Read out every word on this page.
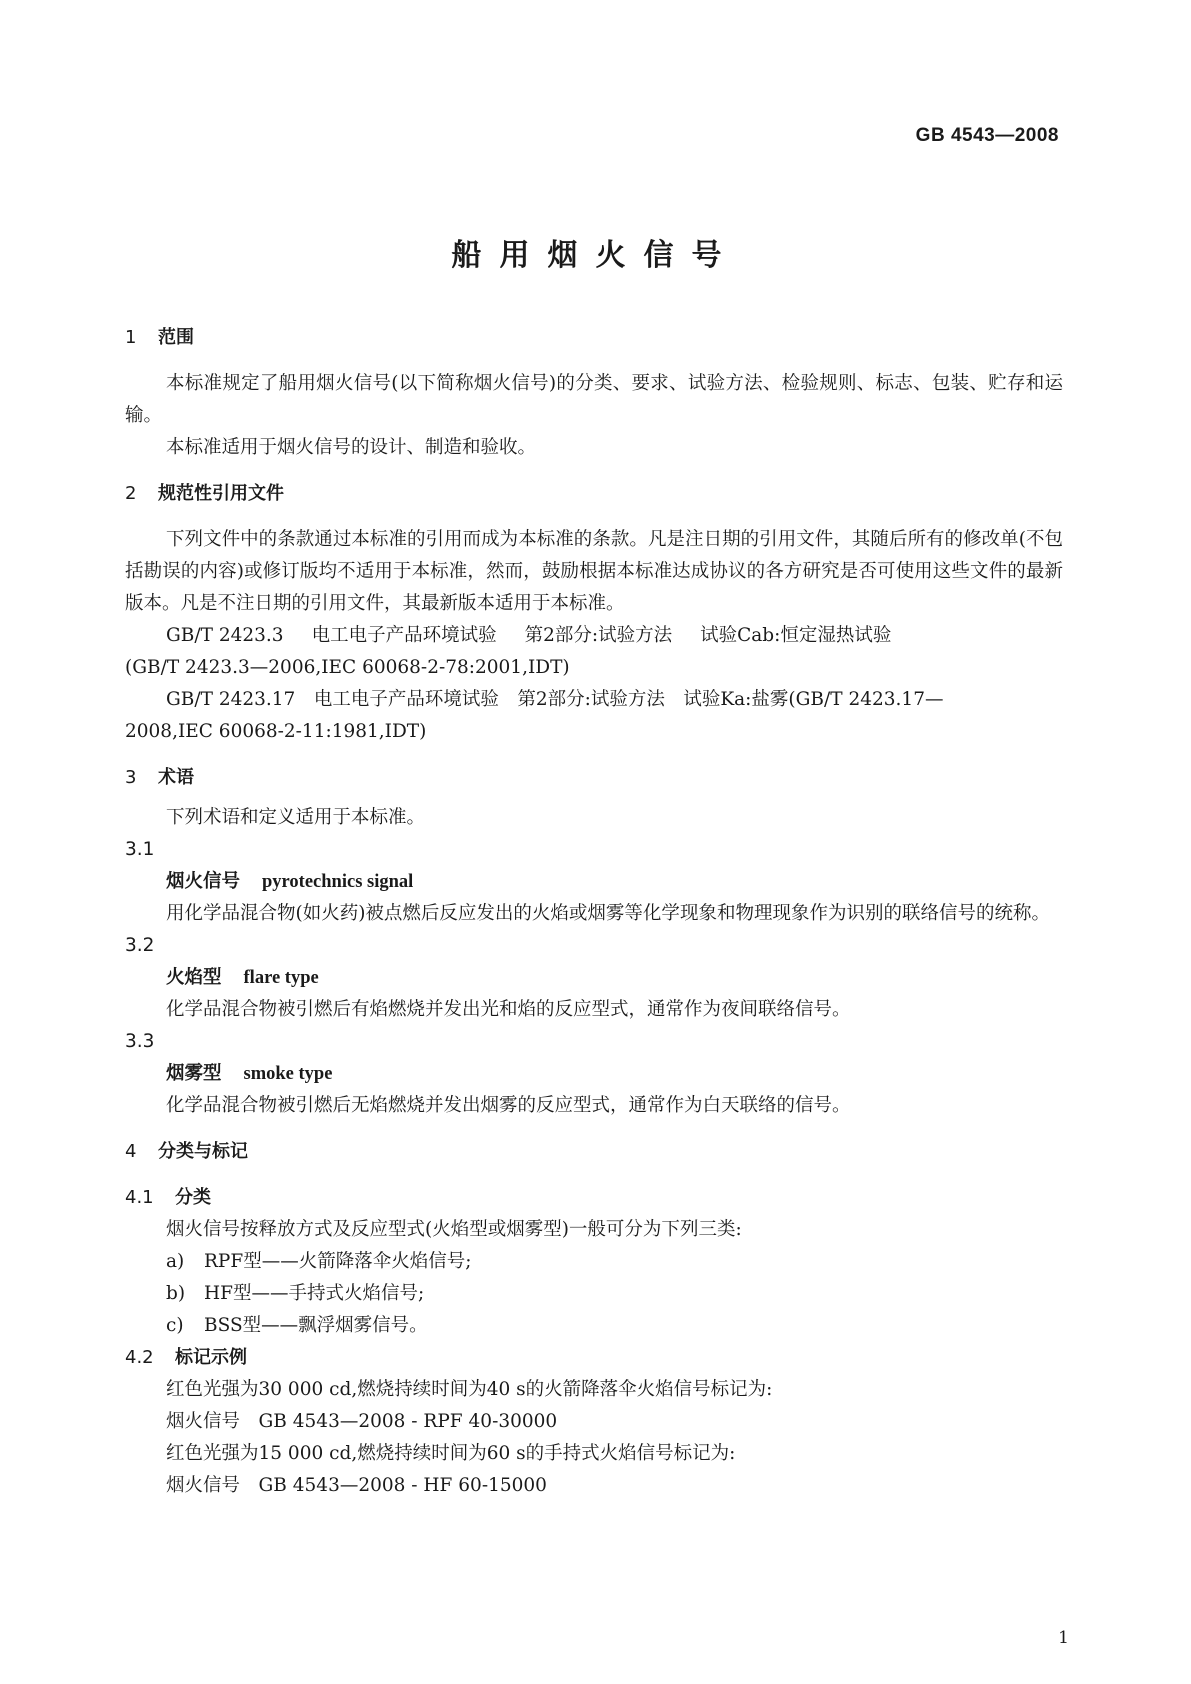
GB 4543—2008
船用烟火信号

1 范围

本标准规定了船用烟火信号(以下简称烟火信号)的分类、要求、试验方法、检验规则、标志、包装、贮存和运输。

本标准适用于烟火信号的设计、制造和验收。

2 规范性引用文件

下列文件中的条款通过本标准的引用而成为本标准的条款。凡是注日期的引用文件，其随后所有的修改单(不包括勘误的内容)或修订版均不适用于本标准，然而，鼓励根据本标准达成协议的各方研究是否可使用这些文件的最新版本。凡是不注日期的引用文件，其最新版本适用于本标准。

GB/T 2423.3 电工电子产品环境试验 第2部分:试验方法 试验Cab:恒定湿热试验

(GB/T 2423.3—2006,IEC 60068-2-78:2001,IDT)

GB/T 2423.17　电工电子产品环境试验　第2部分:试验方法　试验Ka:盐雾(GB/T 2423.17—

2008,IEC 60068-2-11:1981,IDT)

3 术语

下列术语和定义适用于本标准。

3.1

烟火信号 pyrotechnics signal

用化学品混合物(如火药)被点燃后反应发出的火焰或烟雾等化学现象和物理现象作为识别的联络信号的统称。

3.2

火焰型 flare type

化学品混合物被引燃后有焰燃烧并发出光和焰的反应型式，通常作为夜间联络信号。

3.3

烟雾型 smoke type

化学品混合物被引燃后无焰燃烧并发出烟雾的反应型式，通常作为白天联络的信号。

4 分类与标记

4.1 分类

烟火信号按释放方式及反应型式(火焰型或烟雾型)一般可分为下列三类:

a) RPF型——火箭降落伞火焰信号;

b) HF型——手持式火焰信号;

c) BSS型——飘浮烟雾信号。

4.2 标记示例

红色光强为30 000 cd,燃烧持续时间为40 s的火箭降落伞火焰信号标记为:

烟火信号　GB 4543—2008 - RPF 40-30000

红色光强为15 000 cd,燃烧持续时间为60 s的手持式火焰信号标记为:

烟火信号　GB 4543—2008 - HF 60-15000

1
